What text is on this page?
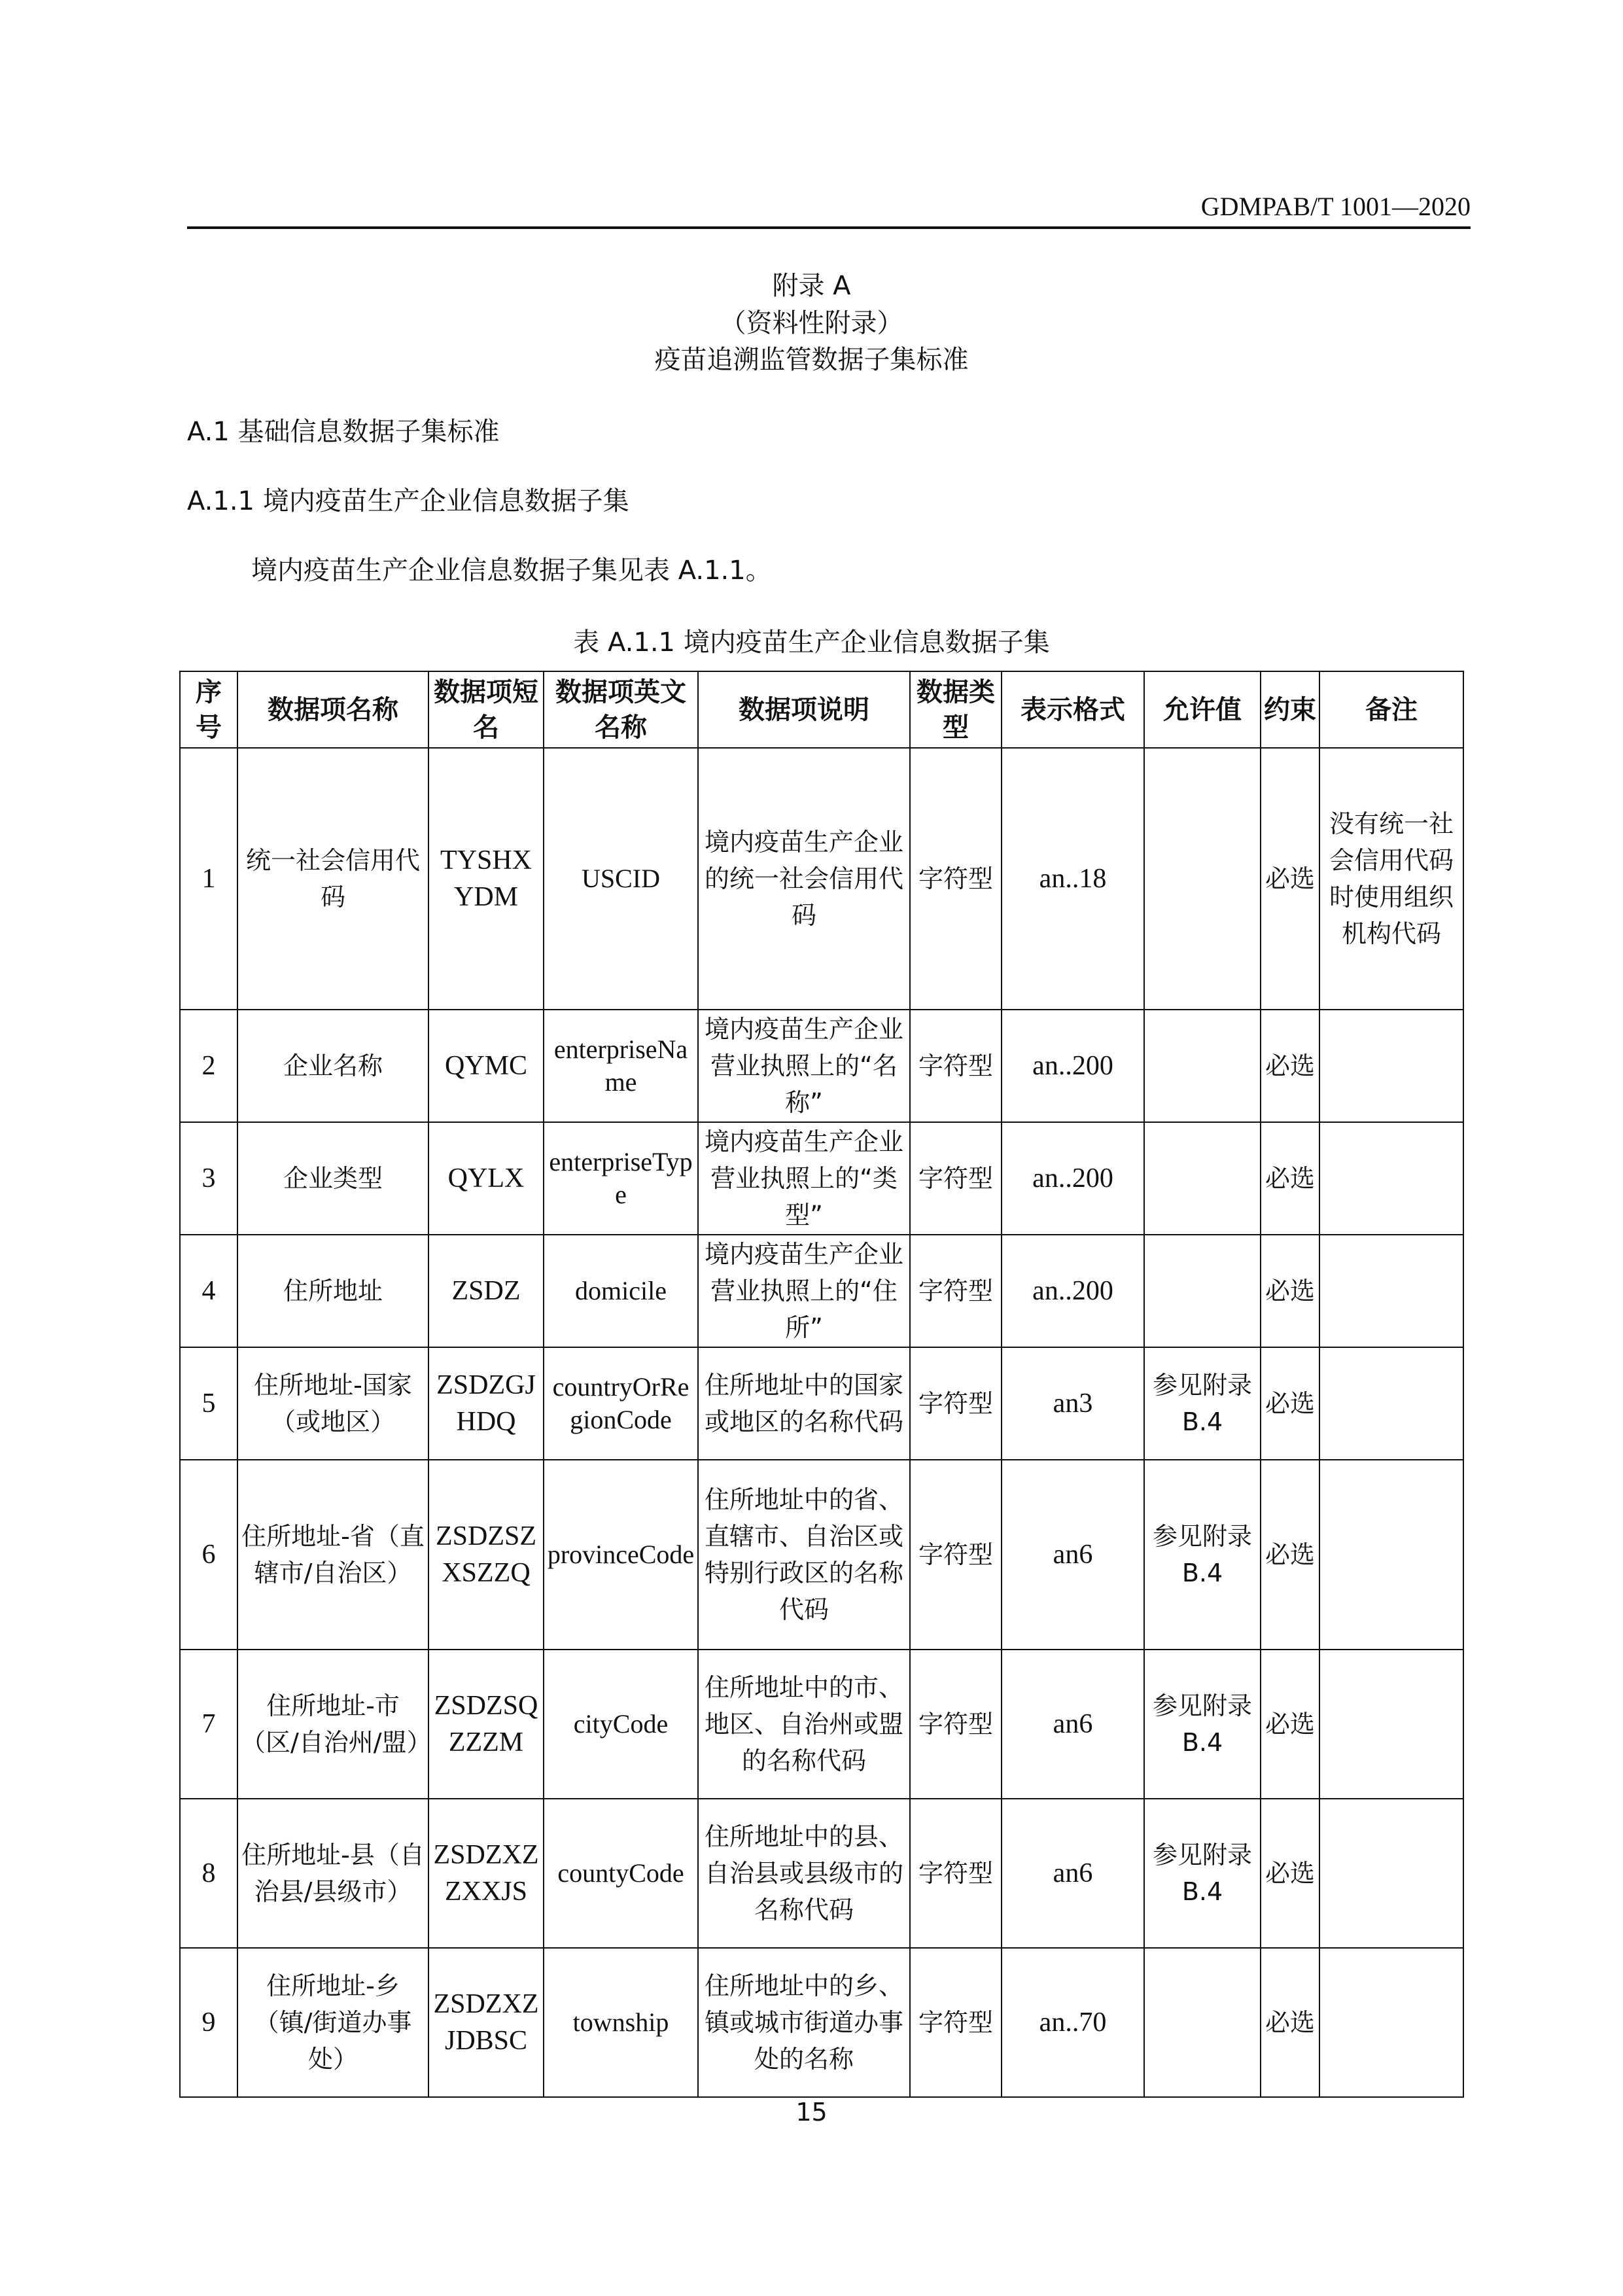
GDMPAB/T 1001—2020
附录 A
（资料性附录）
疫苗追溯监管数据子集标准
A.1 基础信息数据子集标准
A.1.1 境内疫苗生产企业信息数据子集
境内疫苗生产企业信息数据子集见表 A.1.1。
表 A.1.1 境内疫苗生产企业信息数据子集
序号	数据项名称	数据项短名	数据项英文名称	数据项说明	数据类型	表示格式	允许值	约束	备注
1	统一社会信用代码	TYSHXYDM	USCID	境内疫苗生产企业的统一社会信用代码	字符型	an..18		必选	没有统一社会信用代码时使用组织机构代码
2	企业名称	QYMC	enterpriseName	境内疫苗生产企业营业执照上的“名称”	字符型	an..200		必选	
3	企业类型	QYLX	enterpriseType	境内疫苗生产企业营业执照上的“类型”	字符型	an..200		必选	
4	住所地址	ZSDZ	domicile	境内疫苗生产企业营业执照上的“住所”	字符型	an..200		必选	
5	住所地址-国家（或地区）	ZSDZGJHDQ	countryOrRegionCode	住所地址中的国家或地区的名称代码	字符型	an3	参见附录B.4	必选	
6	住所地址-省（直辖市/自治区）	ZSDZSZXSZZQ	provinceCode	住所地址中的省、直辖市、自治区或特别行政区的名称代码	字符型	an6	参见附录B.4	必选	
7	住所地址-市（区/自治州/盟）	ZSDZSQZZZM	cityCode	住所地址中的市、地区、自治州或盟的名称代码	字符型	an6	参见附录B.4	必选	
8	住所地址-县（自治县/县级市）	ZSDZXZZXXJS	countyCode	住所地址中的县、自治县或县级市的名称代码	字符型	an6	参见附录B.4	必选	
9	住所地址-乡（镇/街道办事处）	ZSDZXZJDBSC	township	住所地址中的乡、镇或城市街道办事处的名称	字符型	an..70		必选	
15
